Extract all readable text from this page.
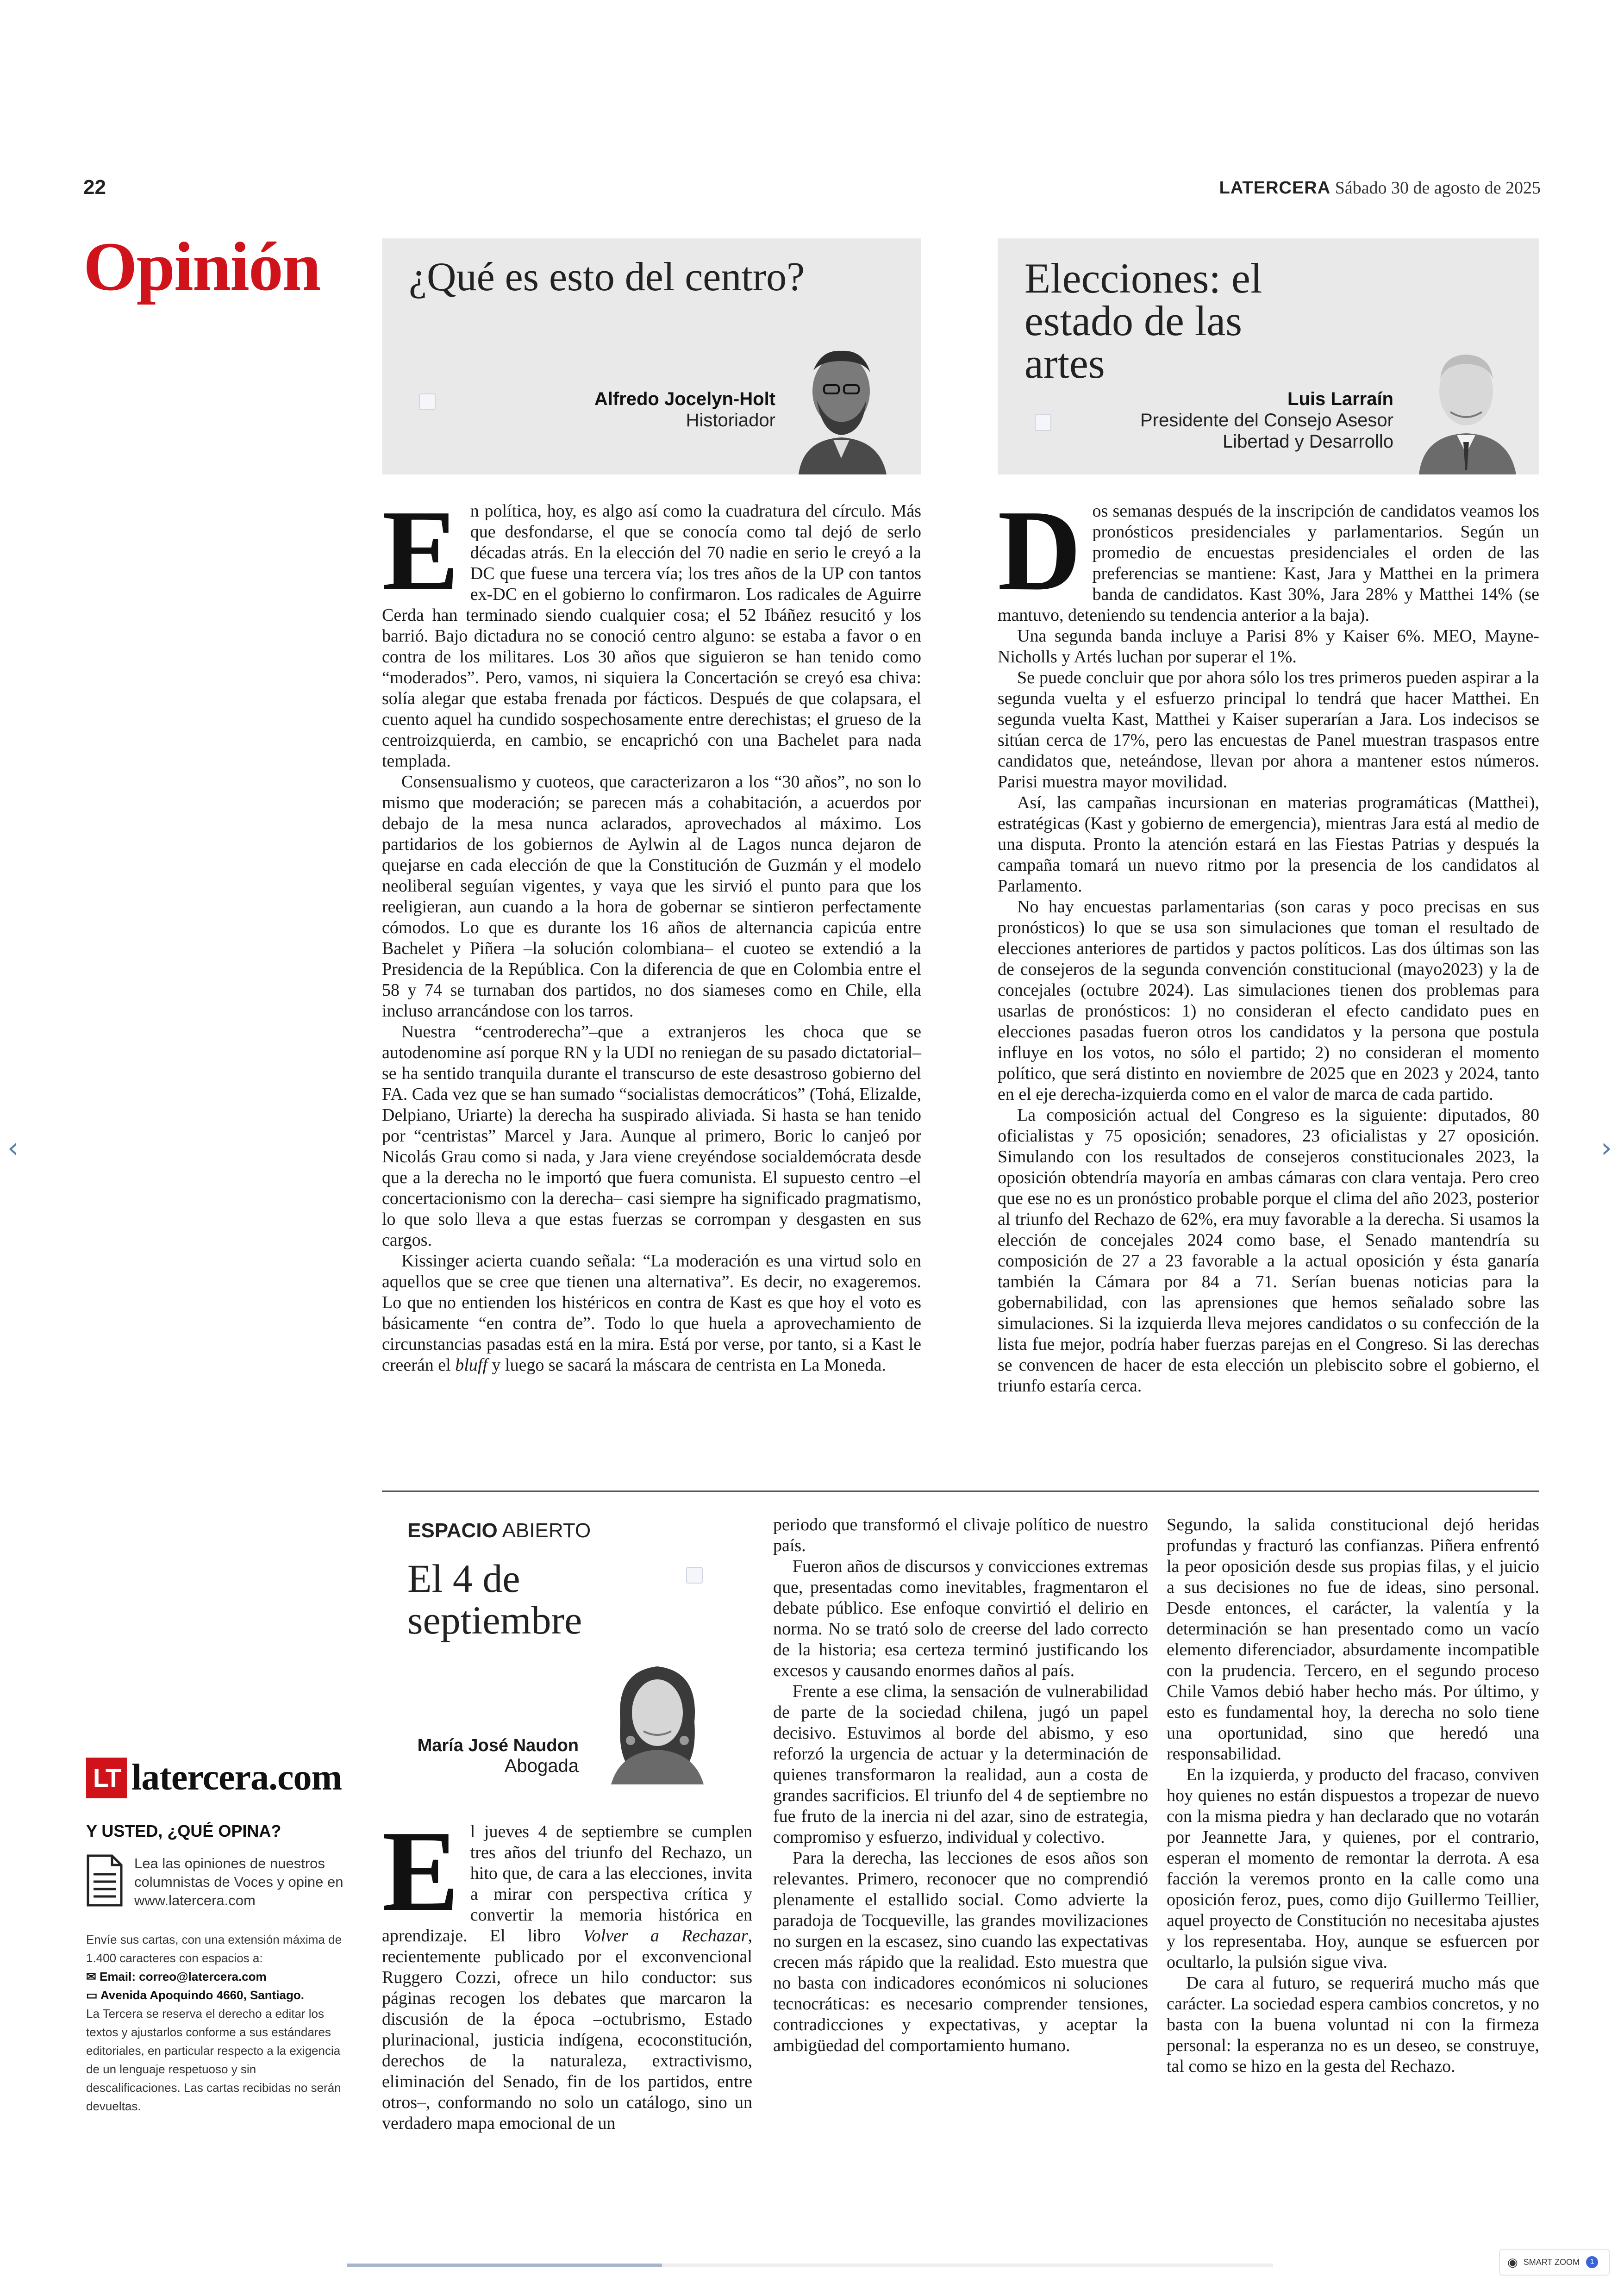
22	LATERCERA Sábado 30 de agosto de 2025
Opinión ¿Qué es esto del centro?
Alfredo Jocelyn-Holt
Historiador
Elecciones: el estado de las artes
Luis Larraín
Presidente del Consejo Asesor
Libertad y Desarrollo
E n política, hoy, es algo así como la cuadratura del círculo. Más que desfondarse, el que se conocía como tal dejó de serlo décadas atrás. En la elección del 70 nadie en serio le creyó a la DC que fuese una tercera vía; los tres años de la UP con tantos ex-DC en el gobierno lo confirmaron. Los radicales de Aguirre Cerda han terminado siendo cualquier cosa; el 52 Ibáñez resucitó y los barrió. Bajo dictadura no se conoció centro alguno: se estaba a favor o en contra de los militares. Los 30 años que siguieron se han tenido como “moderados”. Pero, vamos, ni siquiera la Concertación se creyó esa chiva: solía alegar que estaba frenada por fácticos. Después de que colapsara, el cuento aquel ha cundido sospechosamente entre derechistas; el grueso de la centroizquierda, en cambio, se encaprichó con una Bachelet para nada templada.

Consensualismo y cuoteos, que caracterizaron a los “30 años”, no son lo mismo que moderación; se parecen más a cohabitación, a acuerdos por debajo de la mesa nunca aclarados, aprovechados al máximo. Los partidarios de los gobiernos de Aylwin al de Lagos nunca dejaron de quejarse en cada elección de que la Constitución de Guzmán y el modelo neoliberal seguían vigentes, y vaya que les sirvió el punto para que los reeligieran, aun cuando a la hora de gobernar se sintieron perfectamente cómodos. Lo que es durante los 16 años de alternancia capicúa entre Bachelet y Piñera –la solución colombiana– el cuoteo se extendió a la Presidencia de la República. Con la diferencia de que en Colombia entre el 58 y 74 se turnaban dos partidos, no dos siameses como en Chile, ella incluso arrancándose con los tarros.

Nuestra “centroderecha”–que a extranjeros les choca que se autodenomine así porque RN y la UDI no reniegan de su pasado dictatorial– se ha sentido tranquila durante el transcurso de este desastroso gobierno del FA. Cada vez que se han sumado “socialistas democráticos” (Tohá, Elizalde, Delpiano, Uriarte) la derecha ha suspirado aliviada. Si hasta se han tenido por “centristas” Marcel y Jara. Aunque al primero, Boric lo canjeó por Nicolás Grau como si nada, y Jara viene creyéndose socialdemócrata desde que a la derecha no le importó que fuera comunista. El supuesto centro –el concertacionismo con la derecha– casi siempre ha significado pragmatismo, lo que solo lleva a que estas fuerzas se corrompan y desgasten en sus cargos.

Kissinger acierta cuando señala: “La moderación es una virtud solo en aquellos que se cree que tienen una alternativa”. Es decir, no exageremos. Lo que no entienden los histéricos en contra de Kast es que hoy el voto es básicamente “en contra de”. Todo lo que huela a aprovechamiento de circunstancias pasadas está en la mira. Está por verse, por tanto, si a Kast le creerán el bluff y luego se sacará la máscara de centrista en La Moneda.

D os semanas después de la inscripción de candidatos veamos los pronósticos presidenciales y parlamentarios. Según un promedio de encuestas presidenciales el orden de las preferencias se mantiene: Kast, Jara y Matthei en la primera banda de candidatos. Kast 30%, Jara 28% y Matthei 14% (se mantuvo, deteniendo su tendencia anterior a la baja).

Una segunda banda incluye a Parisi 8% y Kaiser 6%. MEO, Mayne-Nicholls y Artés luchan por superar el 1%.

Se puede concluir que por ahora sólo los tres primeros pueden aspirar a la segunda vuelta y el esfuerzo principal lo tendrá que hacer Matthei. En segunda vuelta Kast, Matthei y Kaiser superarían a Jara. Los indecisos se sitúan cerca de 17%, pero las encuestas de Panel muestran traspasos entre candidatos que, neteándose, llevan por ahora a mantener estos números. Parisi muestra mayor movilidad.

Así, las campañas incursionan en materias programáticas (Matthei), estratégicas (Kast y gobierno de emergencia), mientras Jara está al medio de una disputa. Pronto la atención estará en las Fiestas Patrias y después la campaña tomará un nuevo ritmo por la presencia de los candidatos al Parlamento.

No hay encuestas parlamentarias (son caras y poco precisas en sus pronósticos) lo que se usa son simulaciones que toman el resultado de elecciones anteriores de partidos y pactos políticos. Las dos últimas son las de consejeros de la segunda convención constitucional (mayo2023) y la de concejales (octubre 2024). Las simulaciones tienen dos problemas para usarlas de pronósticos: 1) no consideran el efecto candidato pues en elecciones pasadas fueron otros los candidatos y la persona que postula influye en los votos, no sólo el partido; 2) no consideran el momento político, que será distinto en noviembre de 2025 que en 2023 y 2024, tanto en el eje derecha-izquierda como en el valor de marca de cada partido.

La composición actual del Congreso es la siguiente: diputados, 80 oficialistas y 75 oposición; senadores, 23 oficialistas y 27 oposición. Simulando con los resultados de consejeros constitucionales 2023, la oposición obtendría mayoría en ambas cámaras con clara ventaja. Pero creo que ese no es un pronóstico probable porque el clima del año 2023, posterior al triunfo del Rechazo de 62%, era muy favorable a la derecha. Si usamos la elección de concejales 2024 como base, el Senado mantendría su composición de 27 a 23 favorable a la actual oposición y ésta ganaría también la Cámara por 84 a 71. Serían buenas noticias para la gobernabilidad, con las aprensiones que hemos señalado sobre las simulaciones. Si la izquierda lleva mejores candidatos o su confección de la lista fue mejor, podría haber fuerzas parejas en el Congreso. Si las derechas se convencen de hacer de esta elección un plebiscito sobre el gobierno, el triunfo estaría cerca.

ESPACIO ABIERTO
El 4 de septiembre
María José Naudon
Abogada
E l jueves 4 de septiembre se cumplen tres años del triunfo del Rechazo, un hito que, de cara a las elecciones, invita a mirar con perspectiva crítica y convertir la memoria histórica en aprendizaje. El libro Volver a Rechazar, recientemente publicado por el exconvencional Ruggero Cozzi, ofrece un hilo conductor: sus páginas recogen los debates que marcaron la discusión de la época –octubrismo, Estado plurinacional, justicia indígena, ecoconstitución, derechos de la naturaleza, extractivismo, eliminación del Senado, fin de los partidos, entre otros–, conformando no solo un catálogo, sino un verdadero mapa emocional de un

periodo que transformó el clivaje político de nuestro país.

Fueron años de discursos y convicciones extremas que, presentadas como inevitables, fragmentaron el debate público. Ese enfoque convirtió el delirio en norma. No se trató solo de creerse del lado correcto de la historia; esa certeza terminó justificando los excesos y causando enormes daños al país.

Frente a ese clima, la sensación de vulnerabilidad de parte de la sociedad chilena, jugó un papel decisivo. Estuvimos al borde del abismo, y eso reforzó la urgencia de actuar y la determinación de quienes transformaron la realidad, aun a costa de grandes sacrificios. El triunfo del 4 de septiembre no fue fruto de la inercia ni del azar, sino de estrategia, compromiso y esfuerzo, individual y colectivo.

Para la derecha, las lecciones de esos años son relevantes. Primero, reconocer que no comprendió plenamente el estallido social. Como advierte la paradoja de Tocqueville, las grandes movilizaciones no surgen en la escasez, sino cuando las expectativas crecen más rápido que la realidad. Esto muestra que no basta con indicadores económicos ni soluciones tecnocráticas: es necesario comprender tensiones, contradicciones y expectativas, y aceptar la ambigüedad del comportamiento humano.

Segundo, la salida constitucional dejó heridas profundas y fracturó las confianzas. Piñera enfrentó la peor oposición desde sus propias filas, y el juicio a sus decisiones no fue de ideas, sino personal. Desde entonces, el carácter, la valentía y la determinación se han presentado como un vacío elemento diferenciador, absurdamente incompatible con la prudencia. Tercero, en el segundo proceso Chile Vamos debió haber hecho más. Por último, y esto es fundamental hoy, la derecha no solo tiene una oportunidad, sino que heredó una responsabilidad.

En la izquierda, y producto del fracaso, conviven hoy quienes no están dispuestos a tropezar de nuevo con la misma piedra y han declarado que no votarán por Jeannette Jara, y quienes, por el contrario, esperan el momento de remontar la derrota. A esa facción la veremos pronto en la calle como una oposición feroz, pues, como dijo Guillermo Teillier, aquel proyecto de Constitución no necesitaba ajustes y los representaba. Hoy, aunque se esfuercen por ocultarlo, la pulsión sigue viva.

De cara al futuro, se requerirá mucho más que carácter. La sociedad espera cambios concretos, y no basta con la buena voluntad ni con la firmeza personal: la esperanza no es un deseo, se construye, tal como se hizo en la gesta del Rechazo.

LT latercera.com
Y USTED, ¿QUÉ OPINA?
Lea las opiniones de nuestros columnistas de Voces y opine en www.latercera.com
Envíe sus cartas, con una extensión máxima de 1.400 caracteres con espacios a:
✉ Email: correo@latercera.com
▭ Avenida Apoquindo 4660, Santiago.
La Tercera se reserva el derecho a editar los textos y ajustarlos conforme a sus estándares editoriales, en particular respecto a la exigencia de un lenguaje respetuoso y sin descalificaciones. Las cartas recibidas no serán devueltas.
‹	›
◉ SMART ZOOM	1
